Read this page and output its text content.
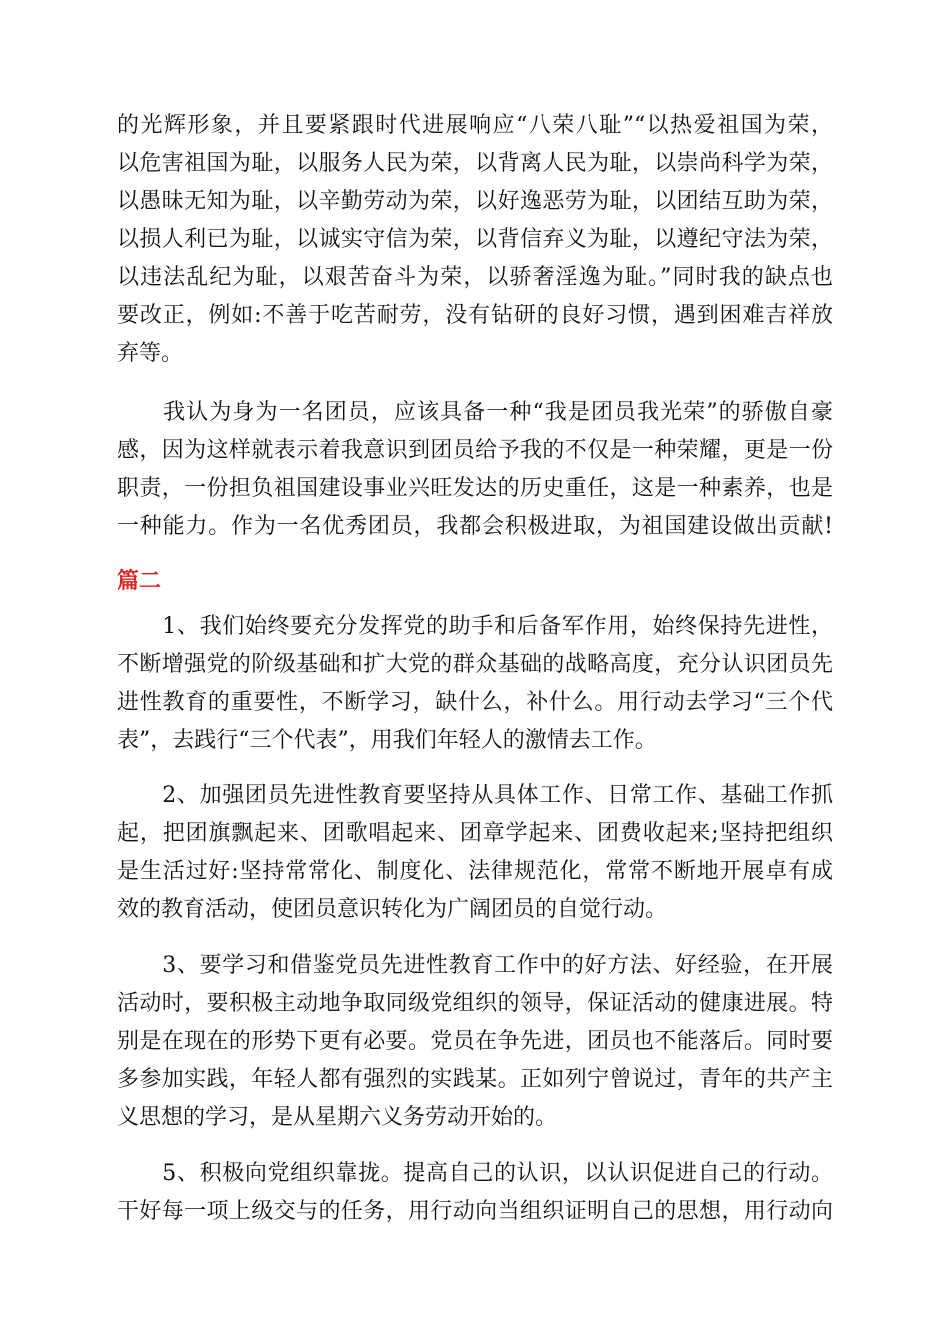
的光辉形象，并且要紧跟时代进展响应“八荣八耻”“以热爱祖国为荣，
以危害祖国为耻，以服务人民为荣，以背离人民为耻，以崇尚科学为荣，
以愚昧无知为耻，以辛勤劳动为荣，以好逸恶劳为耻，以团结互助为荣，
以损人利已为耻，以诚实守信为荣，以背信弃义为耻，以遵纪守法为荣，
以违法乱纪为耻，以艰苦奋斗为荣，以骄奢淫逸为耻。”同时我的缺点也
要改正，例如:不善于吃苦耐劳，没有钻研的良好习惯，遇到困难吉祥放
弃等。
　　我认为身为一名团员，应该具备一种“我是团员我光荣”的骄傲自豪
感，因为这样就表示着我意识到团员给予我的不仅是一种荣耀，更是一份
职责，一份担负祖国建设事业兴旺发达的历史重任，这是一种素养，也是
一种能力。作为一名优秀团员，我都会积极进取，为祖国建设做出贡献!
篇二
　　1、我们始终要充分发挥党的助手和后备军作用，始终保持先进性，
不断增强党的阶级基础和扩大党的群众基础的战略高度，充分认识团员先
进性教育的重要性，不断学习，缺什么，补什么。用行动去学习“三个代
表”，去践行“三个代表”，用我们年轻人的激情去工作。
　　2、加强团员先进性教育要坚持从具体工作、日常工作、基础工作抓
起，把团旗飘起来、团歌唱起来、团章学起来、团费收起来;坚持把组织
是生活过好:坚持常常化、制度化、法律规范化，常常不断地开展卓有成
效的教育活动，使团员意识转化为广阔团员的自觉行动。
　　3、要学习和借鉴党员先进性教育工作中的好方法、好经验，在开展
活动时，要积极主动地争取同级党组织的领导，保证活动的健康进展。特
别是在现在的形势下更有必要。党员在争先进，团员也不能落后。同时要
多参加实践，年轻人都有强烈的实践某。正如列宁曾说过，青年的共产主
义思想的学习，是从星期六义务劳动开始的。
　　5、积极向党组织靠拢。提高自己的认识，以认识促进自己的行动。
干好每一项上级交与的任务，用行动向当组织证明自己的思想，用行动向
